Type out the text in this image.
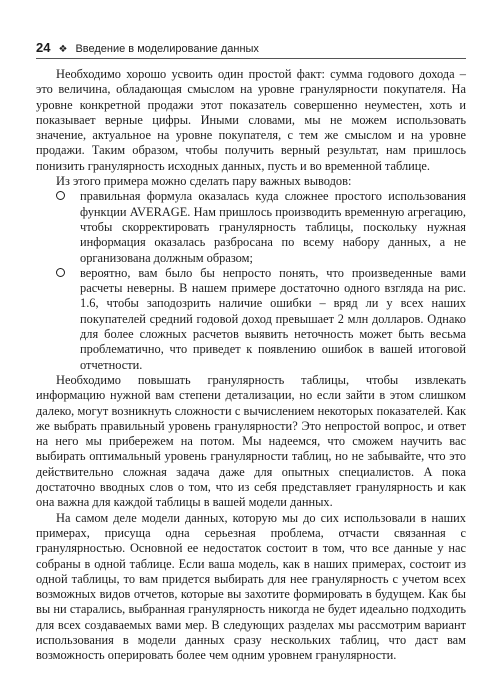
24 ❖ Введение в моделирование данных

Необходимо хорошо усвоить один простой факт: сумма годового дохода – это величина, обладающая смыслом на уровне гранулярности покупателя. На уровне конкретной продажи этот показатель совершенно неуместен, хоть и показывает верные цифры. Иными словами, мы не можем использовать значение, актуальное на уровне покупателя, с тем же смыслом и на уровне продажи. Таким образом, чтобы получить верный результат, нам пришлось понизить гранулярность исходных данных, пусть и во временной таблице.

Из этого примера можно сделать пару важных выводов:

правильная формула оказалась куда сложнее простого использования функции AVERAGE. Нам пришлось производить временную агрегацию, чтобы скорректировать гранулярность таблицы, поскольку нужная информация оказалась разбросана по всему набору данных, а не организована должным образом;
вероятно, вам было бы непросто понять, что произведенные вами расчеты неверны. В нашем примере достаточно одного взгляда на рис. 1.6, чтобы заподозрить наличие ошибки – вряд ли у всех наших покупателей средний годовой доход превышает 2 млн долларов. Однако для более сложных расчетов выявить неточность может быть весьма проблематично, что приведет к появлению ошибок в вашей итоговой отчетности.

Необходимо повышать гранулярность таблицы, чтобы извлекать информацию нужной вам степени детализации, но если зайти в этом слишком далеко, могут возникнуть сложности с вычислением некоторых показателей. Как же выбрать правильный уровень гранулярности? Это непростой вопрос, и ответ на него мы прибережем на потом. Мы надеемся, что сможем научить вас выбирать оптимальный уровень гранулярности таблиц, но не забывайте, что это действительно сложная задача даже для опытных специалистов. А пока достаточно вводных слов о том, что из себя представляет гранулярность и как она важна для каждой таблицы в вашей модели данных.

На самом деле модели данных, которую мы до сих использовали в наших примерах, присуща одна серьезная проблема, отчасти связанная с гранулярностью. Основной ее недостаток состоит в том, что все данные у нас собраны в одной таблице. Если ваша модель, как в наших примерах, состоит из одной таблицы, то вам придется выбирать для нее гранулярность с учетом всех возможных видов отчетов, которые вы захотите формировать в будущем. Как бы вы ни старались, выбранная гранулярность никогда не будет идеально подходить для всех создаваемых вами мер. В следующих разделах мы рассмотрим вариант использования в модели данных сразу нескольких таблиц, что даст вам возможность оперировать более чем одним уровнем гранулярности.
